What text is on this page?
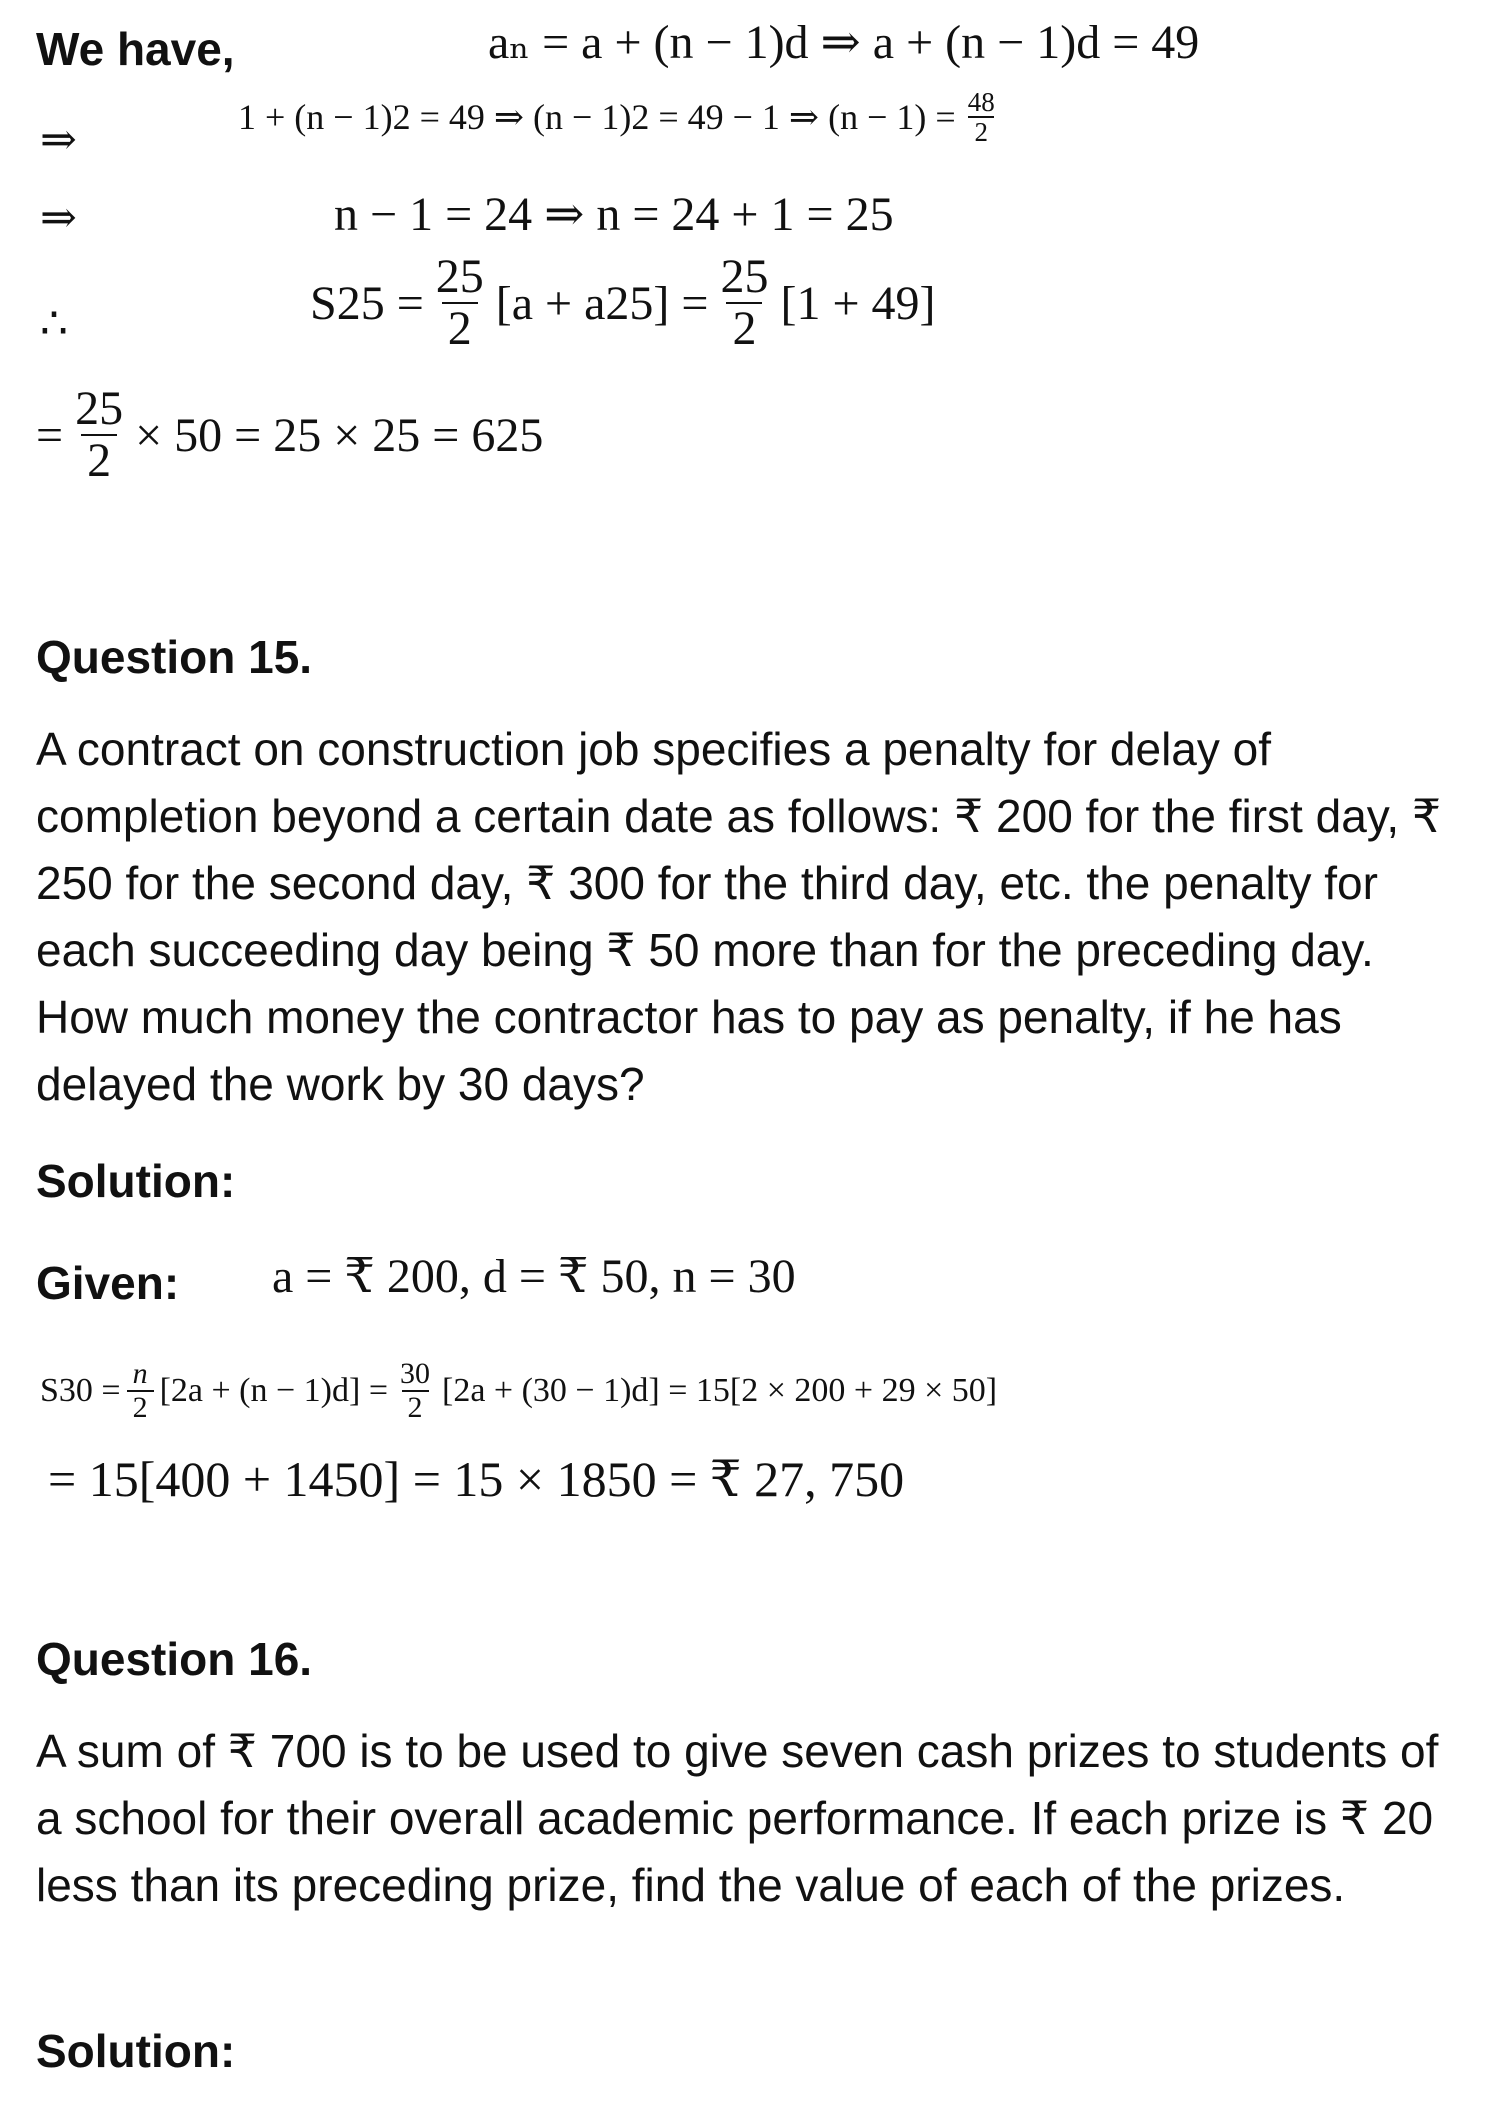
We have,	aₙ = a + (n − 1)d ⇒ a + (n − 1)d = 49
⇒	1 + (n − 1)2 = 49 ⇒ (n − 1)2 = 49 − 1 ⇒ $(n - 1) = \frac{48}{2}$
⇒	n − 1 = 24 ⇒ n = 24 + 1 = 25
∴	$S25 = \frac{25}{2} [a + a25] = \frac{25}{2} [1 + 49]$
= $\frac{25}{2} \times 50 = 25 \times 25 = 625$
Question 15.
A contract on construction job specifies a penalty for delay of completion beyond a certain date as follows: ₹ 200 for the first day, ₹ 250 for the second day, ₹ 300 for the third day, etc. the penalty for each succeeding day being ₹ 50 more than for the preceding day. How much money the contractor has to pay as penalty, if he has delayed the work by 30 days?
Solution:
Given: a = ₹ 200, d = ₹ 50, n = 30
$S30 = \frac{n}{2} [2a + (n - 1)d] = \frac{30}{2} [2a + (30 - 1)d] = 15[2 \times 200 + 29 \times 50]$
= 15[400 + 1450] = 15 × 1850 = ₹ 27, 750
Question 16.
A sum of ₹ 700 is to be used to give seven cash prizes to students of a school for their overall academic performance. If each prize is ₹ 20 less than its preceding prize, find the value of each of the prizes.
Solution:
